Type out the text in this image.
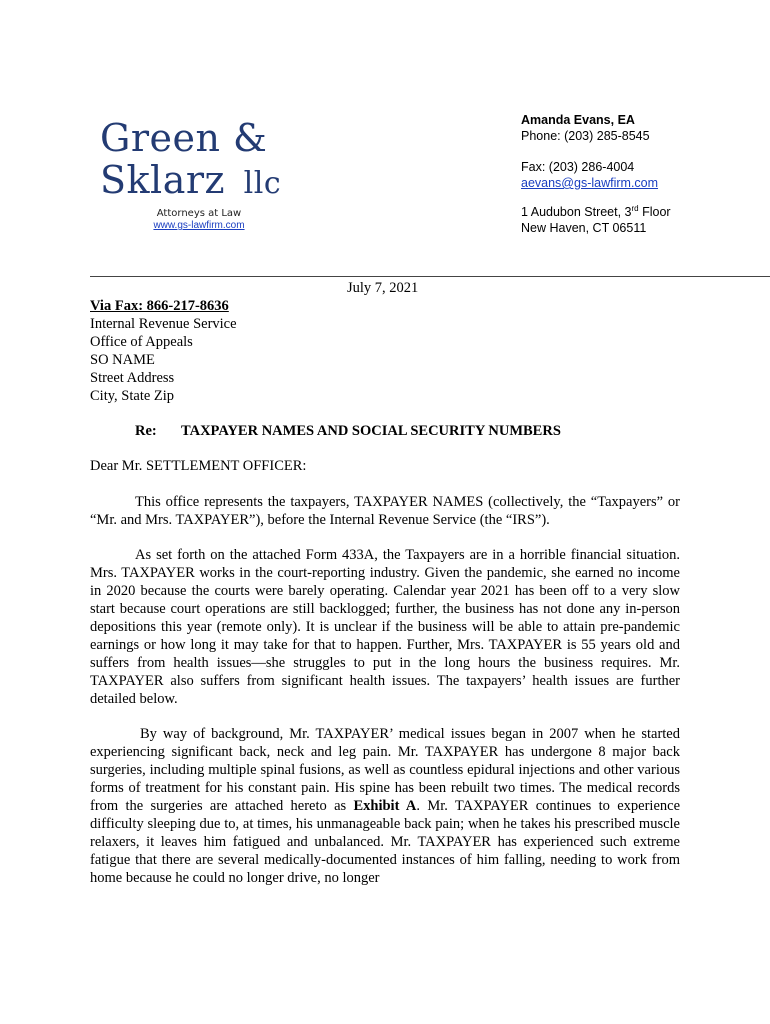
Green &
Sklarz llc
Attorneys at Law
www.gs-lawfirm.com
Amanda Evans, EA
Phone: (203) 285-8545
Fax: (203) 286-4004
aevans@gs-lawfirm.com
1 Audubon Street, 3rd Floor
New Haven, CT 06511
July 7, 2021
Via Fax: 866-217-8636
Internal Revenue Service
Office of Appeals
SO NAME
Street Address
City, State Zip
Re: TAXPAYER NAMES AND SOCIAL SECURITY NUMBERS
Dear Mr. SETTLEMENT OFFICER:
This office represents the taxpayers, TAXPAYER NAMES (collectively, the “Taxpayers” or “Mr. and Mrs. TAXPAYER”), before the Internal Revenue Service (the “IRS”).
As set forth on the attached Form 433A, the Taxpayers are in a horrible financial situation. Mrs. TAXPAYER works in the court-reporting industry. Given the pandemic, she earned no income in 2020 because the courts were barely operating. Calendar year 2021 has been off to a very slow start because court operations are still backlogged; further, the business has not done any in-person depositions this year (remote only). It is unclear if the business will be able to attain pre-pandemic earnings or how long it may take for that to happen. Further, Mrs. TAXPAYER is 55 years old and suffers from health issues—she struggles to put in the long hours the business requires. Mr. TAXPAYER also suffers from significant health issues. The taxpayers’ health issues are further detailed below.
By way of background, Mr. TAXPAYER’ medical issues began in 2007 when he started experiencing significant back, neck and leg pain. Mr. TAXPAYER has undergone 8 major back surgeries, including multiple spinal fusions, as well as countless epidural injections and other various forms of treatment for his constant pain. His spine has been rebuilt two times. The medical records from the surgeries are attached hereto as Exhibit A. Mr. TAXPAYER continues to experience difficulty sleeping due to, at times, his unmanageable back pain; when he takes his prescribed muscle relaxers, it leaves him fatigued and unbalanced. Mr. TAXPAYER has experienced such extreme fatigue that there are several medically-documented instances of him falling, needing to work from home because he could no longer drive, no longer
